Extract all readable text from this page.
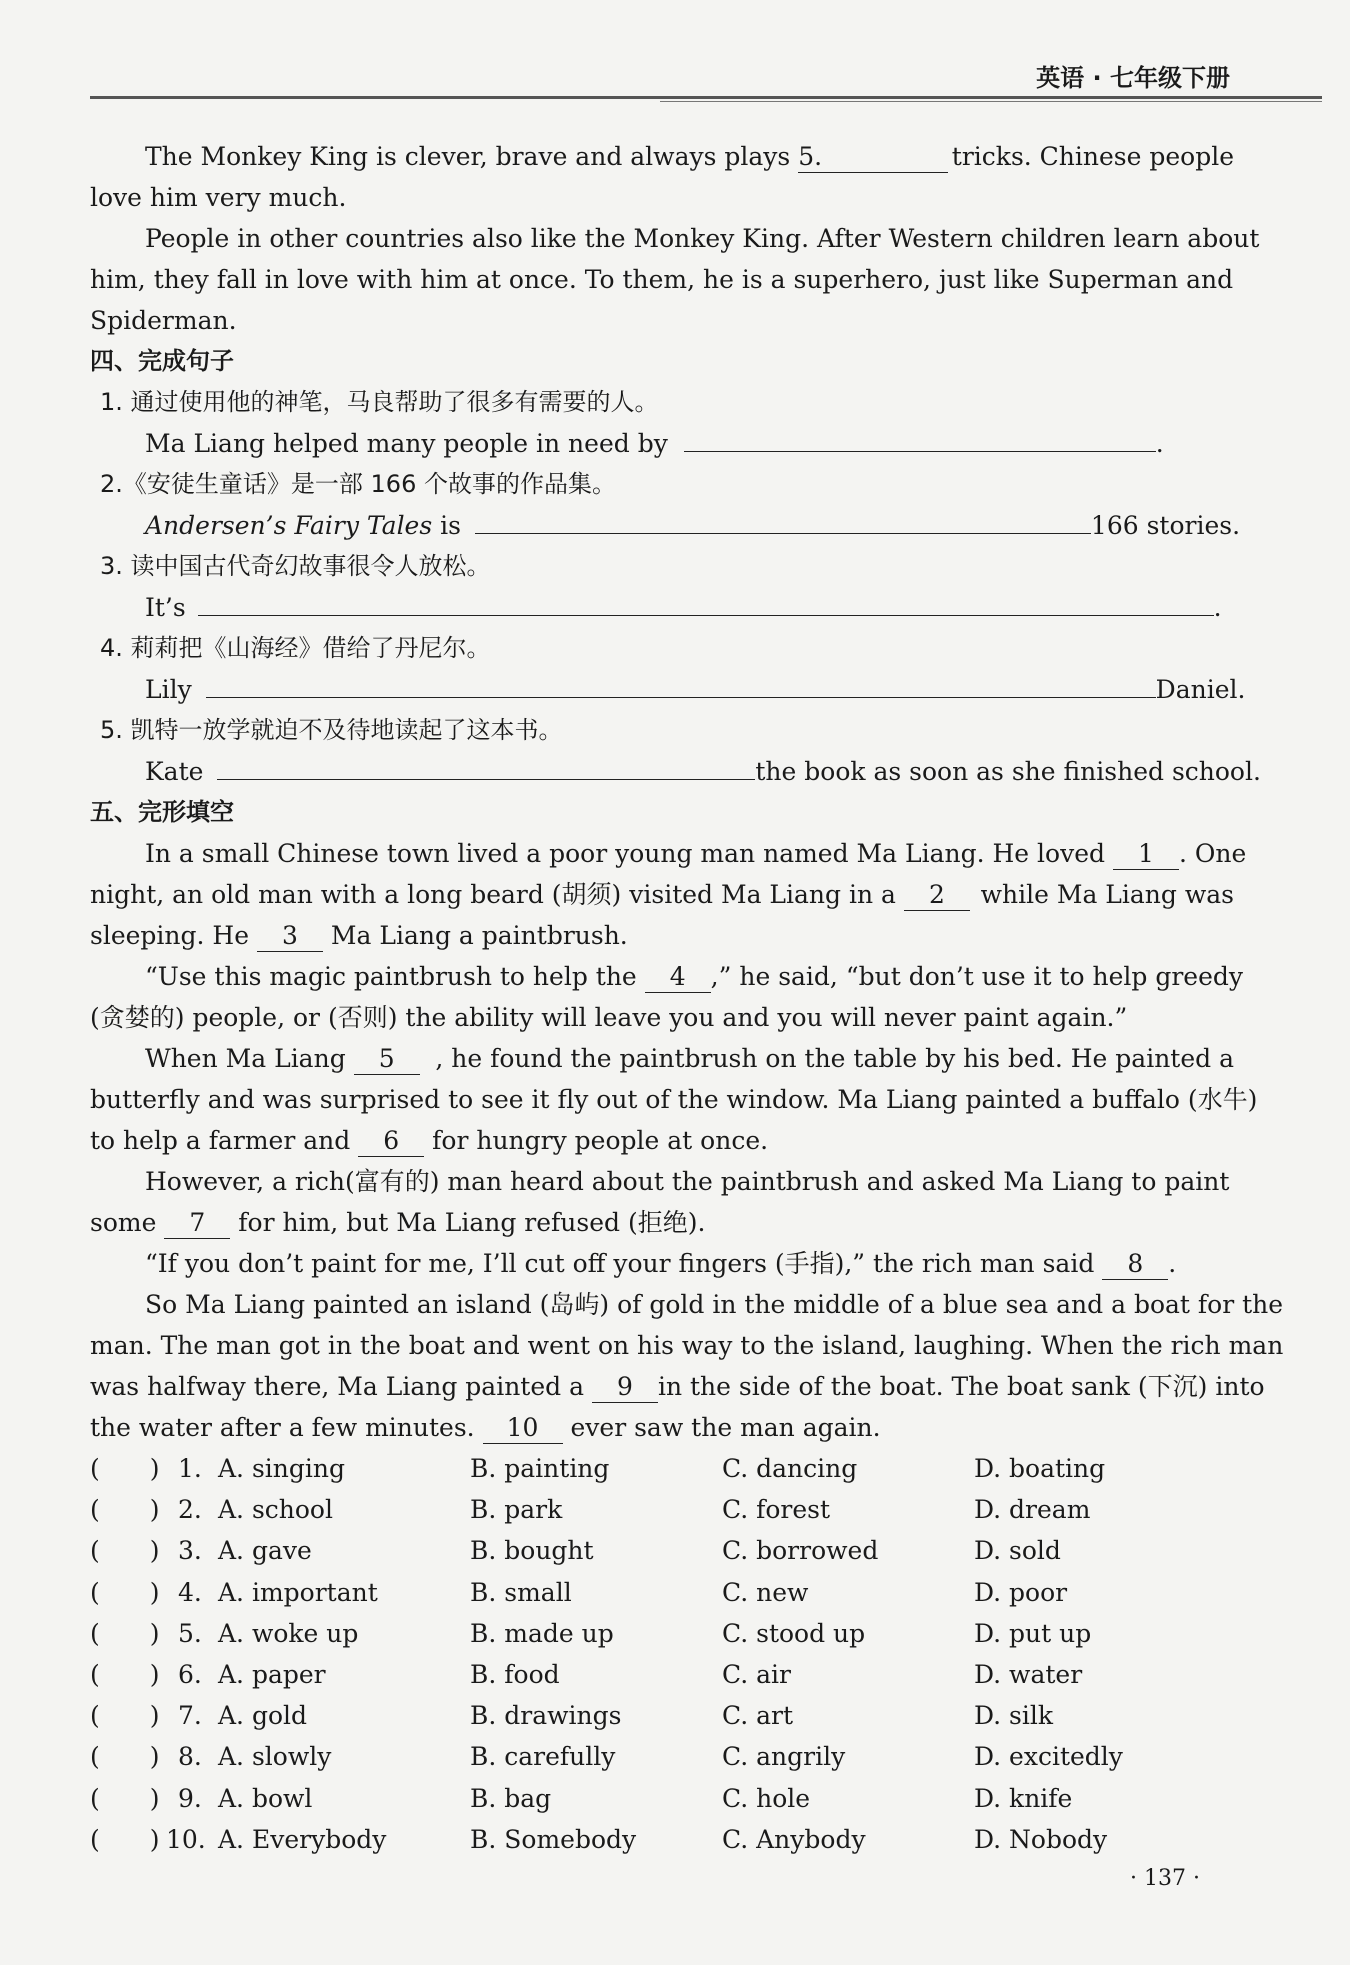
英语 · 七年级下册
The Monkey King is clever, brave and always plays 5.	tricks. Chinese people
love him very much.
People in other countries also like the Monkey King. After Western children learn about
him, they fall in love with him at once. To them, he is a superhero, just like Superman and
Spiderman.
四、完成句子
1. 通过使用他的神笔，马良帮助了很多有需要的人。
Ma Liang helped many people in need by	.
2.《安徒生童话》是一部 166 个故事的作品集。
Andersen’s Fairy Tales is	166 stories.
3. 读中国古代奇幻故事很令人放松。
It’s	.
4. 莉莉把《山海经》借给了丹尼尔。
Lily	Daniel.
5. 凯特一放学就迫不及待地读起了这本书。
Kate	the book as soon as she finished school.
五、完形填空
In a small Chinese town lived a poor young man named Ma Liang. He loved 1	. One
night, an old man with a long beard (胡须) visited Ma Liang in a 2	while Ma Liang was
sleeping. He 3 Ma Liang a paintbrush.
“Use this magic paintbrush to help the 4	,” he said, “but don’t use it to help greedy
(贪婪的) people, or (否则) the ability will leave you and you will never paint again.”
When Ma Liang 5	, he found the paintbrush on the table by his bed. He painted a
butterfly and was surprised to see it fly out of the window. Ma Liang painted a buffalo (水牛)
to help a farmer and 6 for hungry people at once.
However, a rich(富有的) man heard about the paintbrush and asked Ma Liang to paint
some 7 for him, but Ma Liang refused (拒绝).
“If you don’t paint for me, I’ll cut off your fingers (手指),” the rich man said 8 .
So Ma Liang painted an island (岛屿) of gold in the middle of a blue sea and a boat for the
man. The man got in the boat and went on his way to the island, laughing. When the rich man
was halfway there, Ma Liang painted a 9	in the side of the boat. The boat sank (下沉) into
the water after a few minutes. 10 ever saw the man again.
(　　) 1. A. singing	B. painting	C. dancing	D. boating
(　　) 2. A. school	B. park	C. forest	D. dream
(　　) 3. A. gave	B. bought	C. borrowed	D. sold
(　　) 4. A. important	B. small	C. new	D. poor
(　　) 5. A. woke up	B. made up	C. stood up	D. put up
(　　) 6. A. paper	B. food	C. air	D. water
(　　) 7. A. gold	B. drawings	C. art	D. silk
(　　) 8. A. slowly	B. carefully	C. angrily	D. excitedly
(　　) 9. A. bowl	B. bag	C. hole	D. knife
(　　) 10. A. Everybody	B. Somebody	C. Anybody	D. Nobody
· 137 ·
